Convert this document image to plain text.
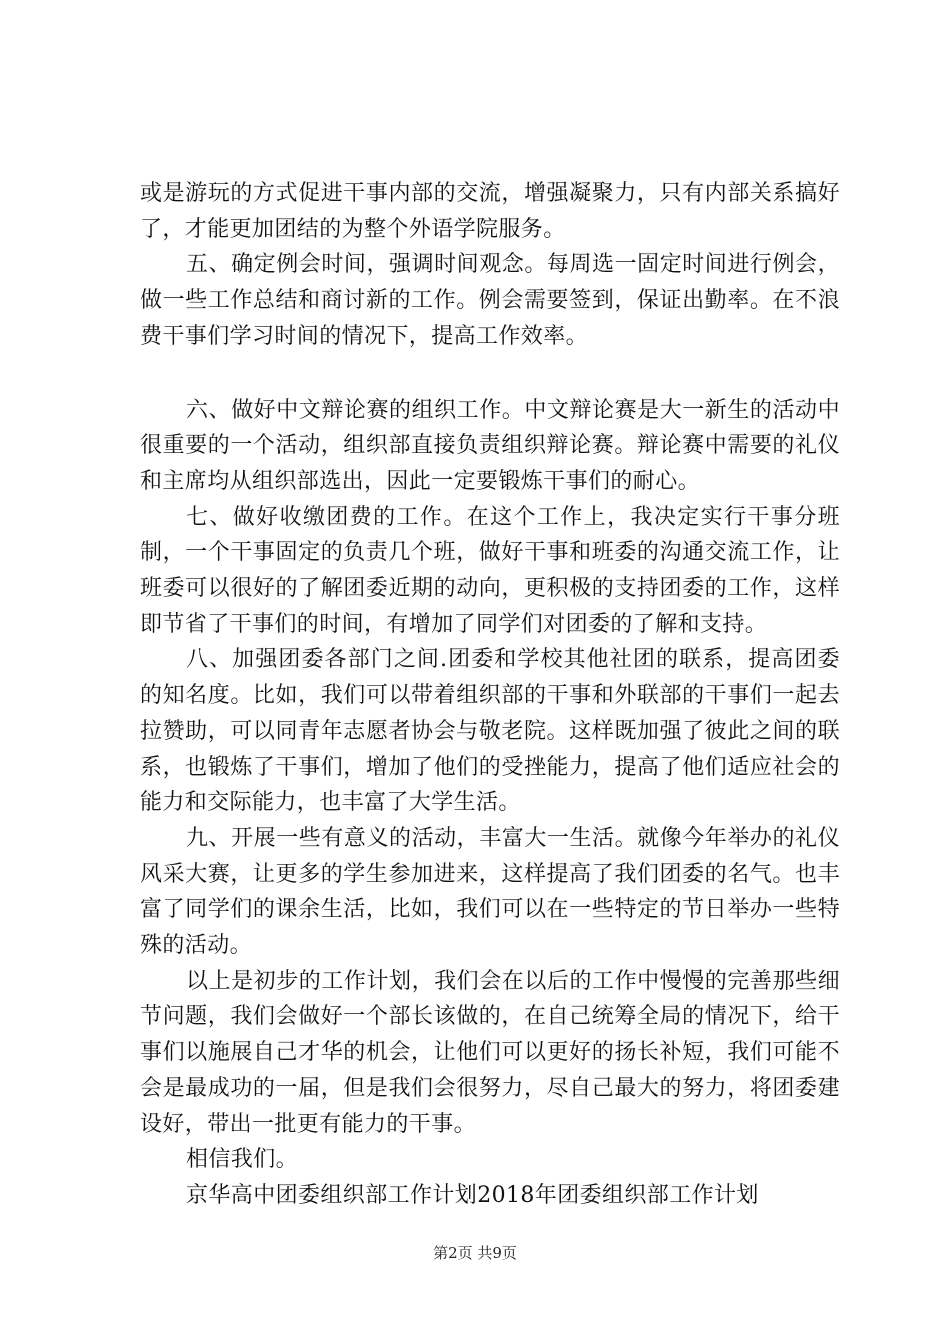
或是游玩的方式促进干事内部的交流，增强凝聚力，只有内部关系搞好了，才能更加团结的为整个外语学院服务。

五、确定例会时间，强调时间观念。每周选一固定时间进行例会，做一些工作总结和商讨新的工作。例会需要签到，保证出勤率。在不浪费干事们学习时间的情况下，提高工作效率。

六、做好中文辩论赛的组织工作。中文辩论赛是大一新生的活动中很重要的一个活动，组织部直接负责组织辩论赛。辩论赛中需要的礼仪和主席均从组织部选出，因此一定要锻炼干事们的耐心。

七、做好收缴团费的工作。在这个工作上，我决定实行干事分班制，一个干事固定的负责几个班，做好干事和班委的沟通交流工作，让班委可以很好的了解团委近期的动向，更积极的支持团委的工作，这样即节省了干事们的时间，有增加了同学们对团委的了解和支持。

八、加强团委各部门之间.团委和学校其他社团的联系，提高团委的知名度。比如，我们可以带着组织部的干事和外联部的干事们一起去拉赞助，可以同青年志愿者协会与敬老院。这样既加强了彼此之间的联系，也锻炼了干事们，增加了他们的受挫能力，提高了他们适应社会的能力和交际能力，也丰富了大学生活。

九、开展一些有意义的活动，丰富大一生活。就像今年举办的礼仪风采大赛，让更多的学生参加进来，这样提高了我们团委的名气。也丰富了同学们的课余生活，比如，我们可以在一些特定的节日举办一些特殊的活动。

以上是初步的工作计划，我们会在以后的工作中慢慢的完善那些细节问题，我们会做好一个部长该做的，在自己统筹全局的情况下，给干事们以施展自己才华的机会，让他们可以更好的扬长补短，我们可能不会是最成功的一届，但是我们会很努力，尽自己最大的努力，将团委建设好，带出一批更有能力的干事。

相信我们。

京华高中团委组织部工作计划2018年团委组织部工作计划

第2页 共9页
